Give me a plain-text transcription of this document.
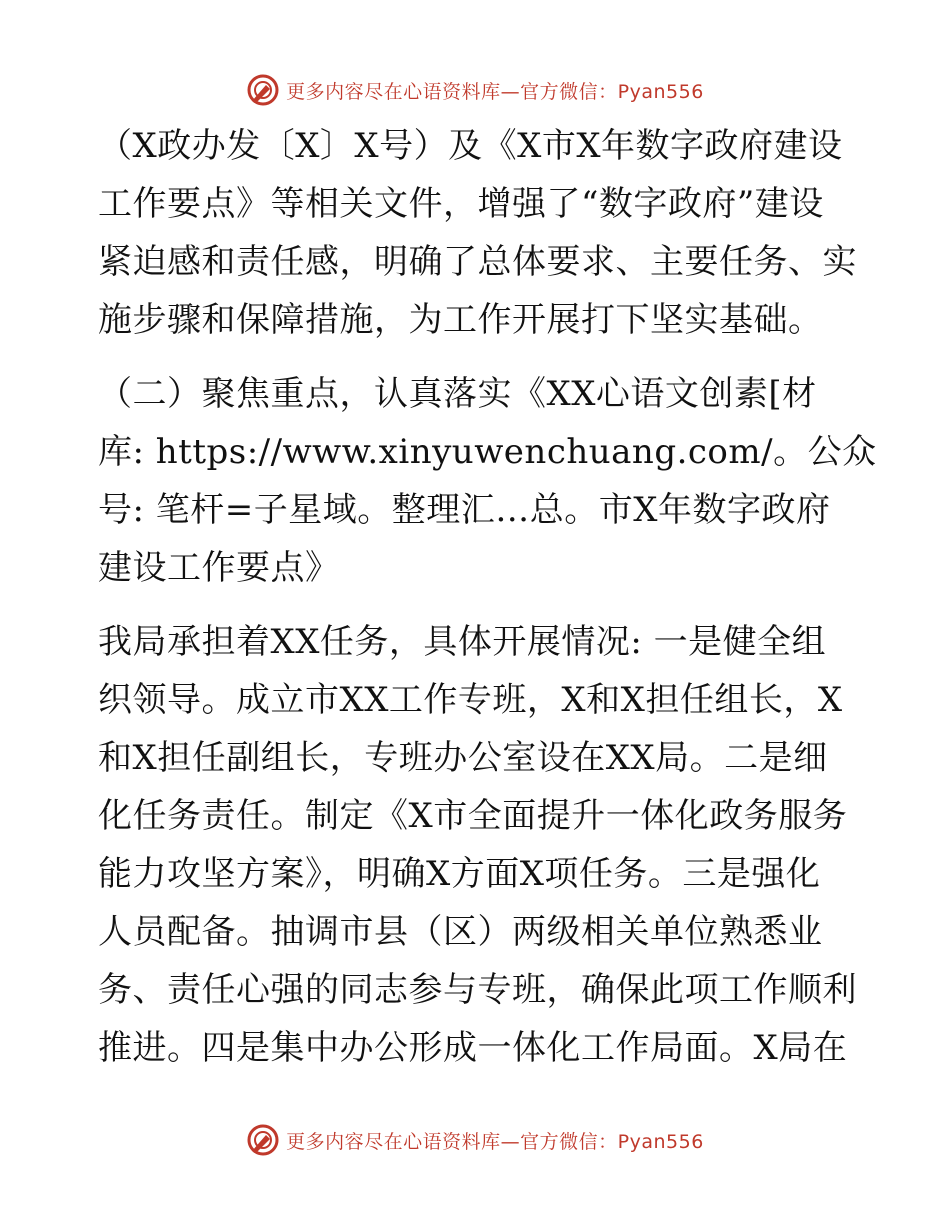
更多内容尽在心语资料库—官方微信：Pyan556
（X政办发〔X〕X号）及《X市X年数字政府建设
工作要点》等相关文件，增强了“数字政府”建设
紧迫感和责任感，明确了总体要求、主要任务、实
施步骤和保障措施，为工作开展打下坚实基础。
（二）聚焦重点，认真落实《XX心语文创素[材
库: https://www.xinyuwenchuang.com/。公众
号: 笔杆=子星域。整理汇…总。市X年数字政府
建设工作要点》
我局承担着XX任务，具体开展情况: 一是健全组
织领导。成立市XX工作专班，X和X担任组长，X
和X担任副组长，专班办公室设在XX局。二是细
化任务责任。制定《X市全面提升一体化政务服务
能力攻坚方案》，明确X方面X项任务。三是强化
人员配备。抽调市县（区）两级相关单位熟悉业
务、责任心强的同志参与专班，确保此项工作顺利
推进。四是集中办公形成一体化工作局面。X局在
更多内容尽在心语资料库—官方微信：Pyan556
